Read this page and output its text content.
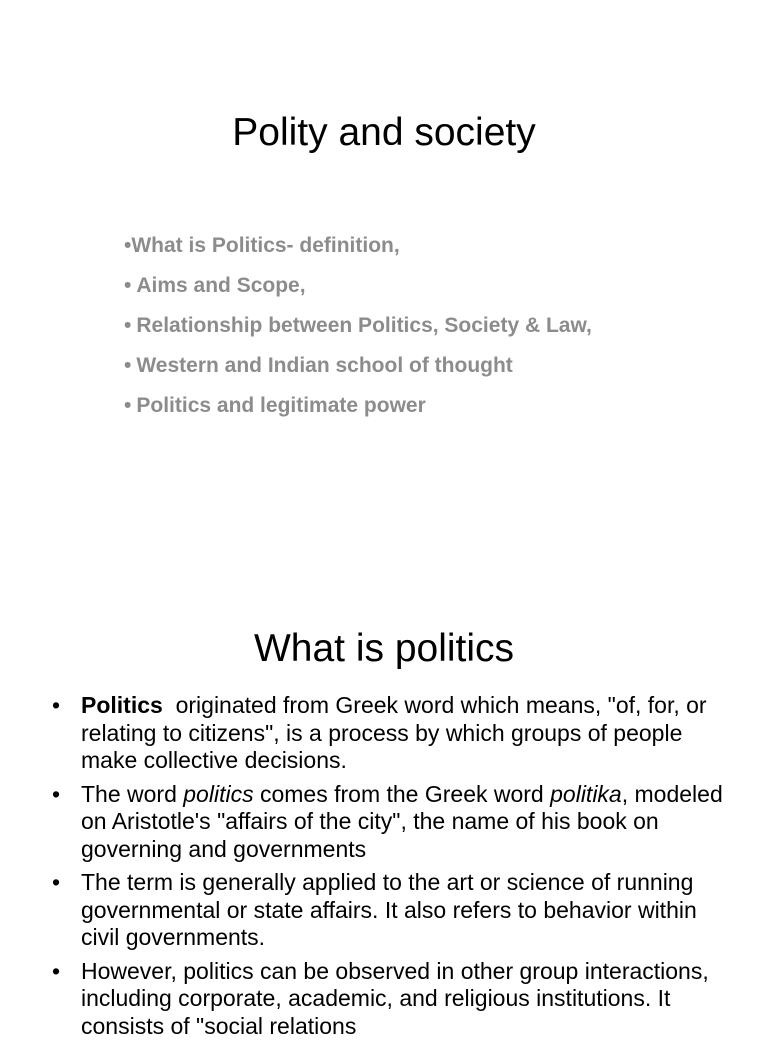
Polity and society
•What is Politics- definition,
• Aims and Scope,
• Relationship between Politics, Society & Law,
• Western and Indian school of thought
• Politics and legitimate power
What is politics
• Politics  originated from Greek word which means, "of, for, or relating to citizens", is a process by which groups of people make collective decisions.
• The word politics comes from the Greek word politika, modeled on Aristotle's "affairs of the city", the name of his book on governing and governments
• The term is generally applied to the art or science of running governmental or state affairs. It also refers to behavior within civil governments.
• However, politics can be observed in other group interactions, including corporate, academic, and religious institutions. It consists of "social relations
